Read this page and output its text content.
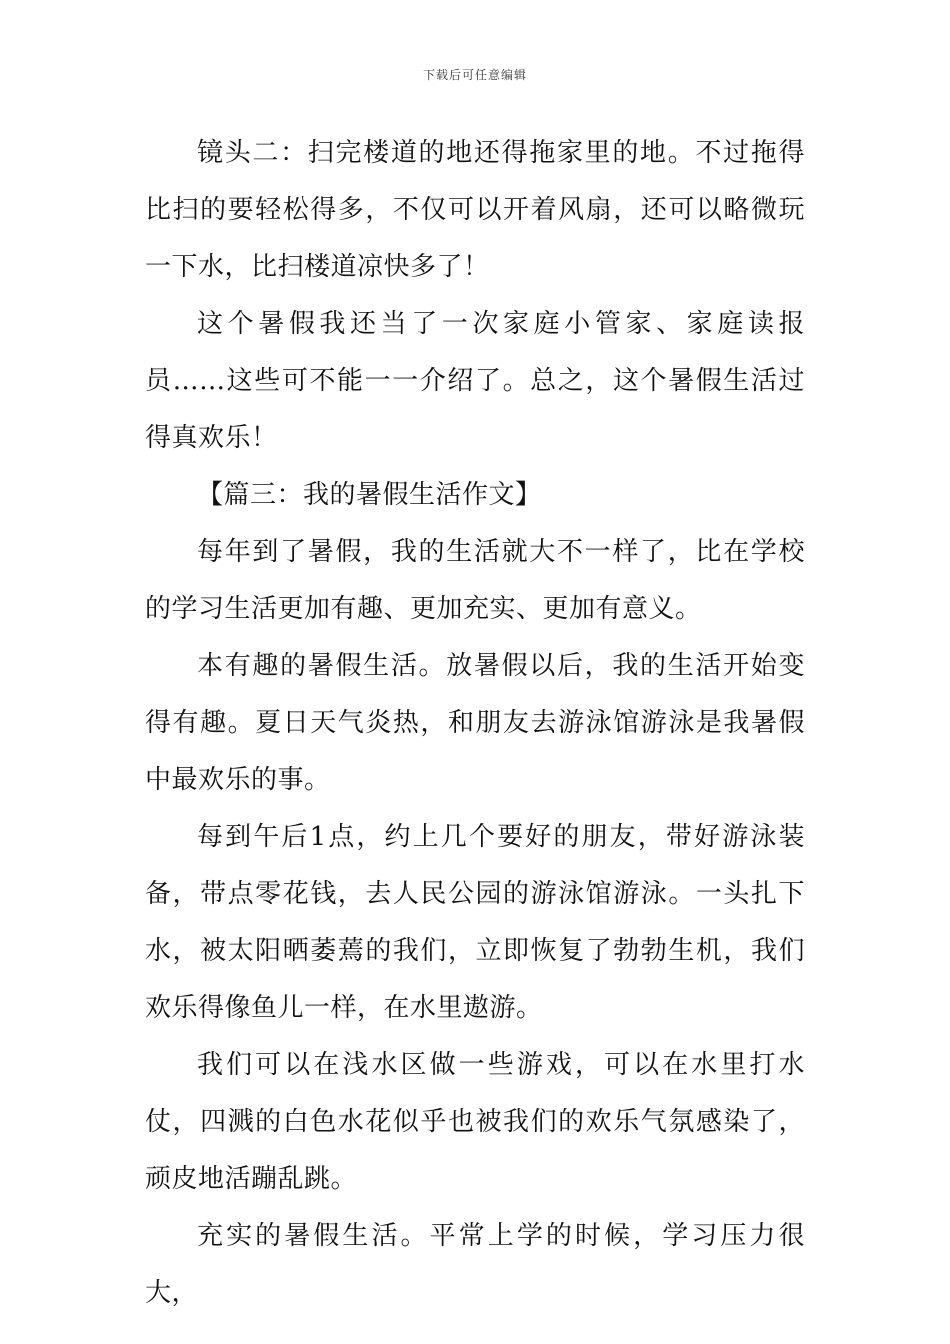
下载后可任意编辑

镜头二：扫完楼道的地还得拖家里的地。不过拖得比扫的要轻松得多，不仅可以开着风扇，还可以略微玩一下水，比扫楼道凉快多了！

这个暑假我还当了一次家庭小管家、家庭读报员……这些可不能一一介绍了。总之，这个暑假生活过得真欢乐！

【篇三：我的暑假生活作文】

每年到了暑假，我的生活就大不一样了，比在学校的学习生活更加有趣、更加充实、更加有意义。

本有趣的暑假生活。放暑假以后，我的生活开始变得有趣。夏日天气炎热，和朋友去游泳馆游泳是我暑假中最欢乐的事。

每到午后1点，约上几个要好的朋友，带好游泳装备，带点零花钱，去人民公园的游泳馆游泳。一头扎下水，被太阳晒萎蔫的我们，立即恢复了勃勃生机，我们欢乐得像鱼儿一样，在水里遨游。

我们可以在浅水区做一些游戏，可以在水里打水仗，四溅的白色水花似乎也被我们的欢乐气氛感染了，顽皮地活蹦乱跳。

充实的暑假生活。平常上学的时候，学习压力很大，
